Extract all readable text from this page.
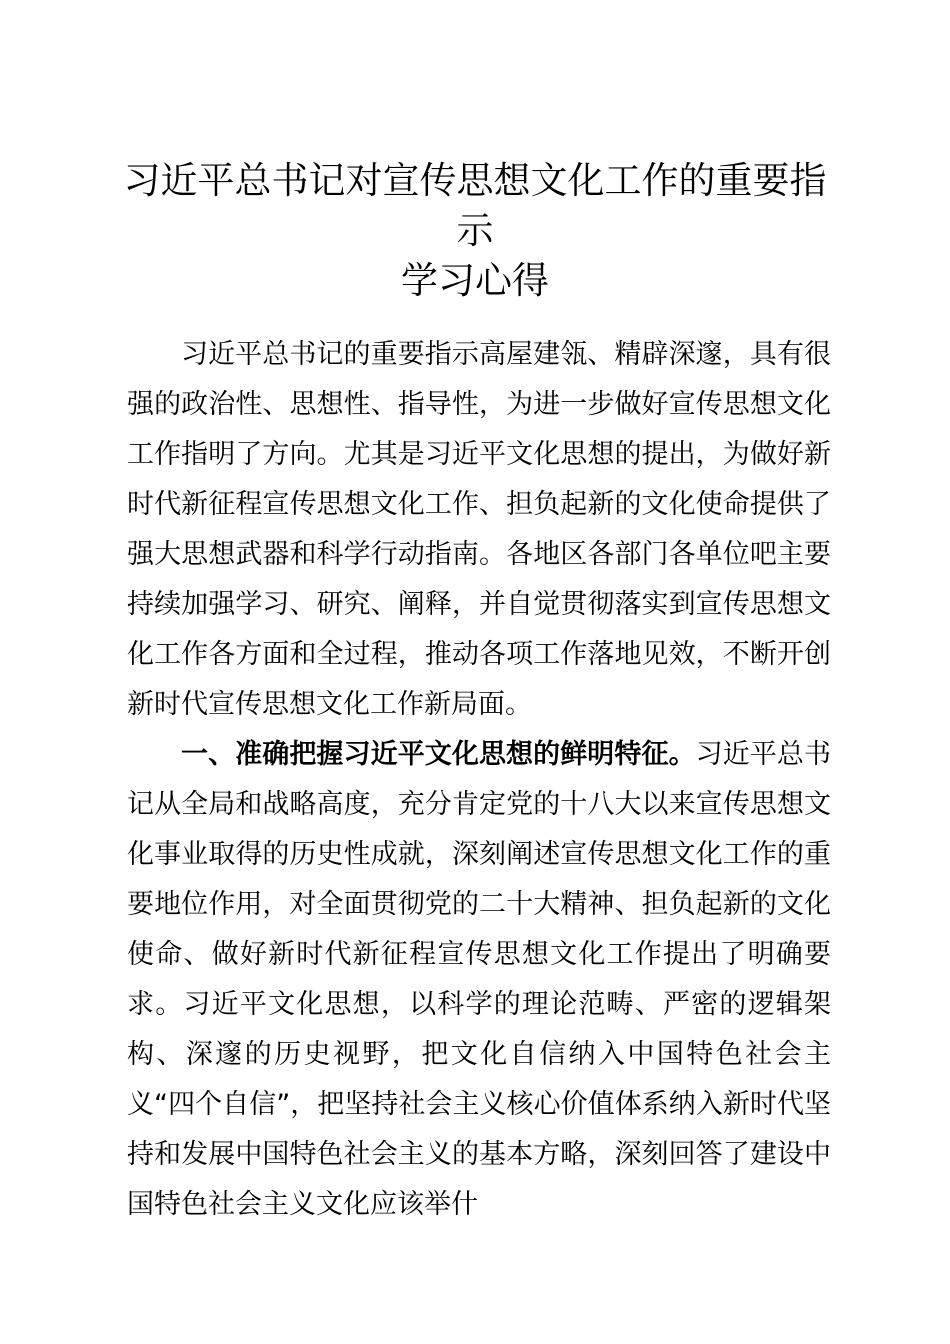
习近平总书记对宣传思想文化工作的重要指示
学习心得

习近平总书记的重要指示高屋建瓴、精辟深邃，具有很强的政治性、思想性、指导性，为进一步做好宣传思想文化工作指明了方向。尤其是习近平文化思想的提出，为做好新时代新征程宣传思想文化工作、担负起新的文化使命提供了强大思想武器和科学行动指南。各地区各部门各单位吧主要持续加强学习、研究、阐释，并自觉贯彻落实到宣传思想文化工作各方面和全过程，推动各项工作落地见效，不断开创新时代宣传思想文化工作新局面。

一、准确把握习近平文化思想的鲜明特征。习近平总书记从全局和战略高度，充分肯定党的十八大以来宣传思想文化事业取得的历史性成就，深刻阐述宣传思想文化工作的重要地位作用，对全面贯彻党的二十大精神、担负起新的文化使命、做好新时代新征程宣传思想文化工作提出了明确要求。习近平文化思想，以科学的理论范畴、严密的逻辑架构、深邃的历史视野，把文化自信纳入中国特色社会主义“四个自信”，把坚持社会主义核心价值体系纳入新时代坚持和发展中国特色社会主义的基本方略，深刻回答了建设中国特色社会主义文化应该举什
